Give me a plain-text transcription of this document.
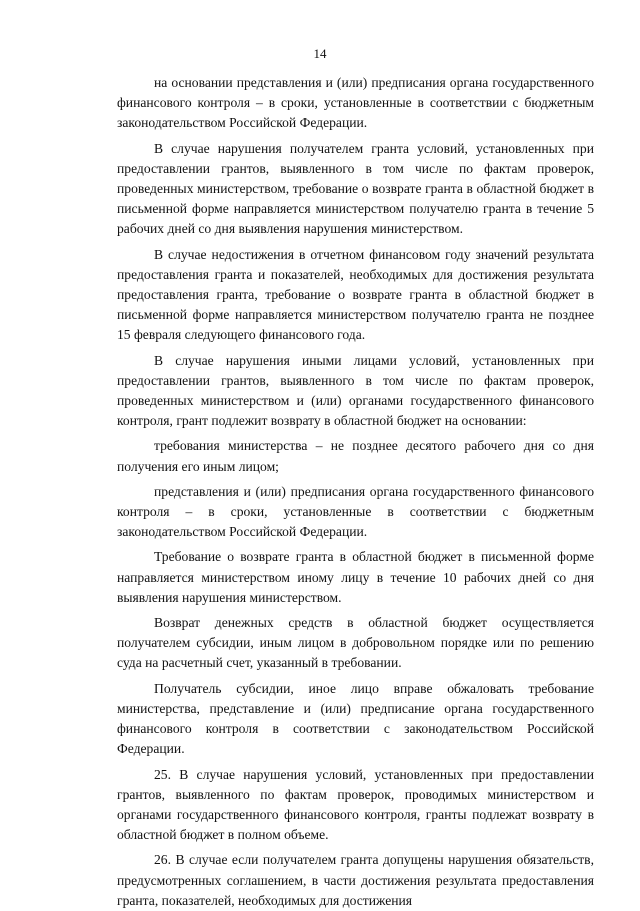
14

на основании представления и (или) предписания органа государственного финансового контроля – в сроки, установленные в соответствии с бюджетным законодательством Российской Федерации.

В случае нарушения получателем гранта условий, установленных при предоставлении грантов, выявленного в том числе по фактам проверок, проведенных министерством, требование о возврате гранта в областной бюджет в письменной форме направляется министерством получателю гранта в течение 5 рабочих дней со дня выявления нарушения министерством.

В случае недостижения в отчетном финансовом году значений результата предоставления гранта и показателей, необходимых для достижения результата предоставления гранта, требование о возврате гранта в областной бюджет в письменной форме направляется министерством получателю гранта не позднее 15 февраля следующего финансового года.

В случае нарушения иными лицами условий, установленных при предоставлении грантов, выявленного в том числе по фактам проверок, проведенных министерством и (или) органами государственного финансового контроля, грант подлежит возврату в областной бюджет на основании:

требования министерства – не позднее десятого рабочего дня со дня получения его иным лицом;

представления и (или) предписания органа государственного финансового контроля – в сроки, установленные в соответствии с бюджетным законодательством Российской Федерации.

Требование о возврате гранта в областной бюджет в письменной форме направляется министерством иному лицу в течение 10 рабочих дней со дня выявления нарушения министерством.

Возврат денежных средств в областной бюджет осуществляется получателем субсидии, иным лицом в добровольном порядке или по решению суда на расчетный счет, указанный в требовании.

Получатель субсидии, иное лицо вправе обжаловать требование министерства, представление и (или) предписание органа государственного финансового контроля в соответствии с законодательством Российской Федерации.

25. В случае нарушения условий, установленных при предоставлении грантов, выявленного по фактам проверок, проводимых министерством и органами государственного финансового контроля, гранты подлежат возврату в областной бюджет в полном объеме.

26. В случае если получателем гранта допущены нарушения обязательств, предусмотренных соглашением, в части достижения результата предоставления гранта, показателей, необходимых для достижения
